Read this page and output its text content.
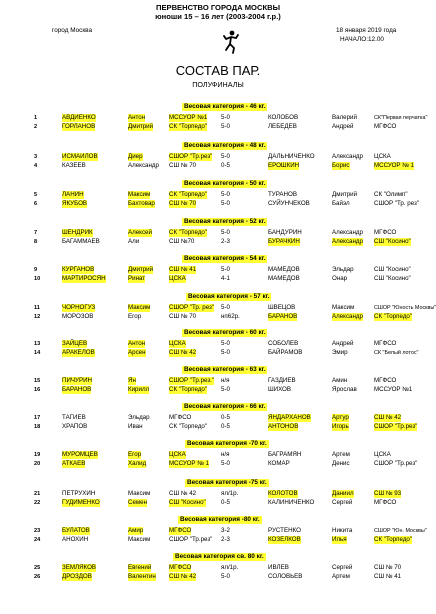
ПЕРВЕНСТВО ГОРОДА МОСКВЫ
юноши 15 – 16 лет (2003-2004 г.р.)
город Москва	18 января 2019 года
НАЧАЛО:12.00
СОСТАВ ПАР.
ПОЛУФИНАЛЫ
Весовая категория - 46 кг.
1	АВДИЕНКО	Антон	МССУОР №1 5-0	КОЛОБОВ	Валерий	СК"Первая перчатка"
2	ГОРЛАНОВ	Дмитрий	СК "Торпедо" 5-0	ЛЕБЕДЕВ	Андрей	МГФСО
Весовая категория - 48 кг.
3	ИСМАИЛОВ	Диер	СШОР "Тр.рез" 5-0	ДАЛЬНИЧЕНКО	Александр ЦСКА
4	КАЗЕЕВ	Александр СШ № 70	0-5	ЕРОШКИН	Борис	МССУОР № 1
Весовая категория - 50 кг.
5	ЛАНИН	Максим	СК "Торпедо" 5-0	ТУРАНОВ	Дмитрий	СК "Олимп"
6	ЯКУБОВ	Бахтовар СШ № 70	5-0	СУЙУНЧЕКОВ	Байэл	СШОР "Тр. рез"
Весовая категория - 52 кг.
7	ШЕНДРИК	Алексей	СК "Торпедо" 5-0	БАНДУРИН	Александр МГФСО
8	БАГАММАЕВ	Али	СШ №70	2-3	БУРАЧКИН	Александр СШ "Косино"
Весовая категория - 54 кг.
9	КУРГАНОВ	Дмитрий	СШ № 41	5-0	МАМЕДОВ	Эльдар	СШ "Косино"
10	МАРТИРОСЯН	Ринат	ЦСКА	4-1	МАМЕДОВ	Онар	СШ "Косино"
Весовая категория - 57 кг.
11	ЧОРНОГУЗ	Максим	СШОР "Тр. рез" 5-0	ШВЕЦОВ	Максим	СШОР "Юность Москвы"
12	МОРОЗОВ	Егор	СШ № 70	нп62р.	БАРАНОВ	Александр СК "Торпедо"
Весовая категория - 60 кг.
13	ЗАЙЦЕВ	Антон	ЦСКА	5-0	СОБОЛЕВ	Андрей	МГФСО
14	АРАКЕЛОВ	Арсен	СШ № 42	5-0	БАЙРАМОВ	Эмир	СК "Белый лотос"
Весовая категория - 63 кг.
15	ПИЧУРИН	Ян	СШОР "Тр.рез." н/я	ГАЗДИЕВ	Амин	МГФСО
16	БАРАНОВ	Кирилл	СК "Торпедо" 5-0	ШИХОВ	Ярослав	МССУОР №1
Весовая категория - 66 кг.
17	ТАГИЕВ	Эльдар	МГФСО	0-5	ЯНДАРХАНОВ	Артур	СШ № 42
18	ХРАПОВ	Иван	СК "Торпедо" 0-5	АНТОНОВ	Игорь	СШОР "Тр.рез"
Весовая категория -70 кг.
19	МУРОМЦЕВ	Егор	ЦСКА	н/я	БАГРАМЯН	Артем	ЦСКА
20	АТКАЕВ	Халид	МССУОР № 1 5-0	КОМАР	Денис	СШОР "Тр.рез"
Весовая категория -75 кг.
21	ПЕТРУХИН	Максим	СШ № 42	ял/1р.	КОЛОТОВ	Даниил	СШ № 93
22	ГУДИМЕНКО	Семен	СШ "Косино" 0-5	КАЛИНИЧЕНКО	Сергей	МГФСО
Весовая категория -80 кг.
23	БУЛАТОВ	Амир	МГФСО	3-2	РУСТЕНКО	Никита	СШОР "Юн. Москвы"
24	АНОХИН	Максим	СШОР "Тр.рез" 2-3	КОЗЕЛКОВ	Илья	СК "Торпедо"
Весовая категория св. 80 кг.
25	ЗЕМЛЯКОВ	Евгений	МГФСО	ял/1р.	ИВЛЕВ	Сергей	СШ № 70
26	ДРОЗДОВ	Валентин СШ № 42	5-0	СОЛОВЬЕВ	Артем	СШ № 41
